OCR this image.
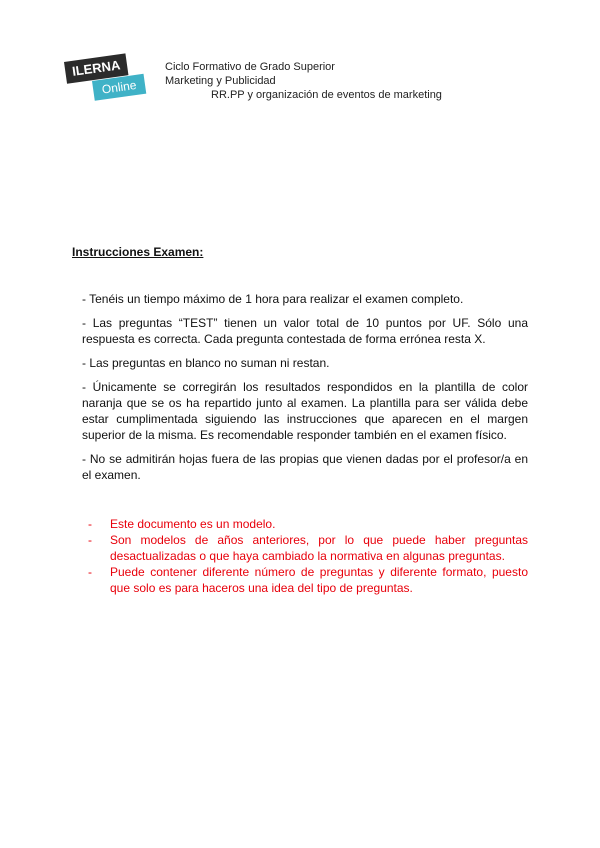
ILERNA
Online
Ciclo Formativo de Grado Superior
Marketing y Publicidad
RR.PP y organización de eventos de marketing
Instrucciones Examen:

- Tenéis un tiempo máximo de 1 hora para realizar el examen completo.

- Las preguntas “TEST” tienen un valor total de 10 puntos por UF. Sólo una respuesta es correcta. Cada pregunta contestada de forma errónea resta X.

- Las preguntas en blanco no suman ni restan.

- Únicamente se corregirán los resultados respondidos en la plantilla de color naranja que se os ha repartido junto al examen. La plantilla para ser válida debe estar cumplimentada siguiendo las instrucciones que aparecen en el margen superior de la misma. Es recomendable responder también en el examen físico.

- No se admitirán hojas fuera de las propias que vienen dadas por el profesor/a en el examen.

- Este documento es un modelo.
- Son modelos de años anteriores, por lo que puede haber preguntas desactualizadas o que haya cambiado la normativa en algunas preguntas.
- Puede contener diferente número de preguntas y diferente formato, puesto que solo es para haceros una idea del tipo de preguntas.
